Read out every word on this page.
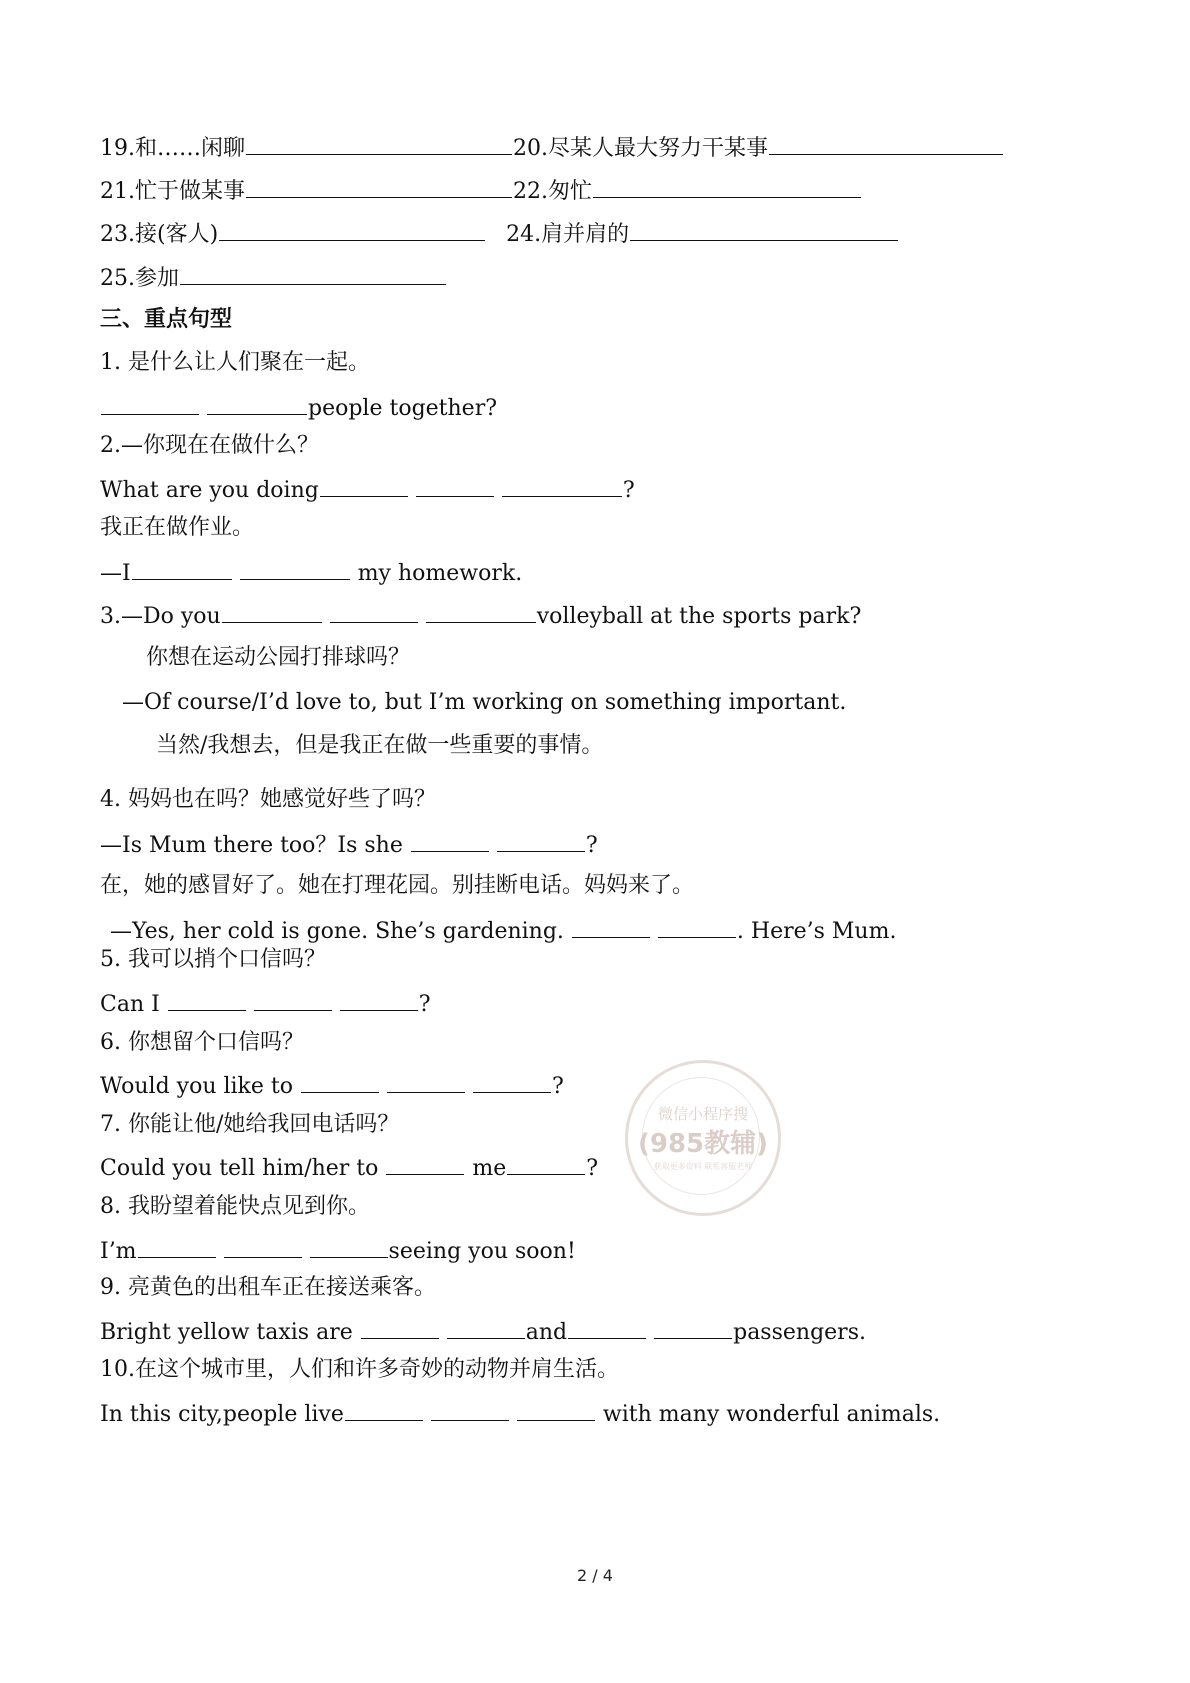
19.和……闲聊	20.尽某人最大努力干某事
21.忙于做某事	22.匆忙
23.接(客人)	24.肩并肩的
25.参加
三、重点句型
1. 是什么让人们聚在一起。
people together?
2.—你现在在做什么？
What are you doing	?
我正在做作业。
—I	my homework.
3.—Do you	volleyball at the sports park?
你想在运动公园打排球吗？
—Of course/I’d love to, but I’m working on something important.
当然/我想去，但是我正在做一些重要的事情。
4. 妈妈也在吗？她感觉好些了吗？
—Is Mum there too？Is she	?
在，她的感冒好了。她在打理花园。别挂断电话。妈妈来了。
—Yes, her cold is gone. She’s gardening.	. Here’s Mum.
5. 我可以捎个口信吗？
Can I	?
6. 你想留个口信吗？
Would you like to	?
微信小程序搜
(985教辅)
获取更多资料 联系客服老师
7. 你能让他/她给我回电话吗？
Could you tell him/her to	me	?
8. 我盼望着能快点见到你。
I’m	seeing you soon!
9. 亮黄色的出租车正在接送乘客。
Bright yellow taxis are	and	passengers.
10.在这个城市里，人们和许多奇妙的动物并肩生活。
In this city,people live	with many wonderful animals.
2 / 4
